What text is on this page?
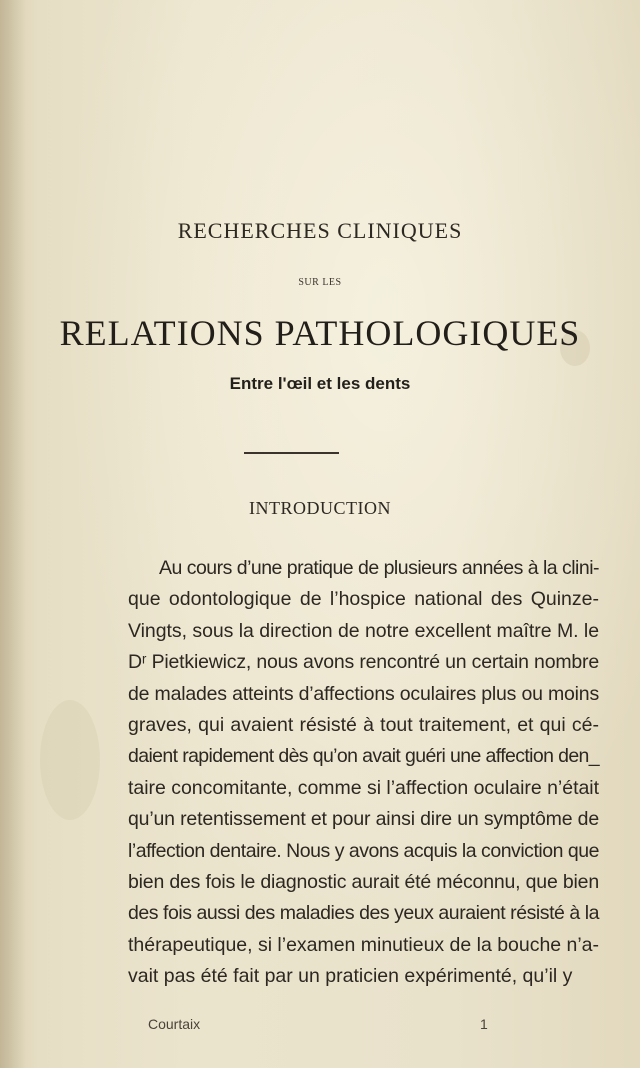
RECHERCHES CLINIQUES
SUR LES
RELATIONS PATHOLOGIQUES
Entre l'œil et les dents
INTRODUCTION
Au cours d’une pratique de plusieurs années à la clini-
que odontologique de l’hospice national des Quinze-
Vingts, sous la direction de notre excellent maître M. le
Dʳ Pietkiewicz, nous avons rencontré un certain nombre
de malades atteints d’affections oculaires plus ou moins
graves, qui avaient résisté à tout traitement, et qui cé-
daient rapidement dès qu’on avait guéri une affection den_
taire concomitante, comme si l’affection oculaire n’était
qu’un retentissement et pour ainsi dire un symptôme de
l’affection dentaire. Nous y avons acquis la conviction que
bien des fois le diagnostic aurait été méconnu, que bien
des fois aussi des maladies des yeux auraient résisté à la
thérapeutique, si l’examen minutieux de la bouche n’a-
vait pas été fait par un praticien expérimenté, qu’il y
Courtaix	1
